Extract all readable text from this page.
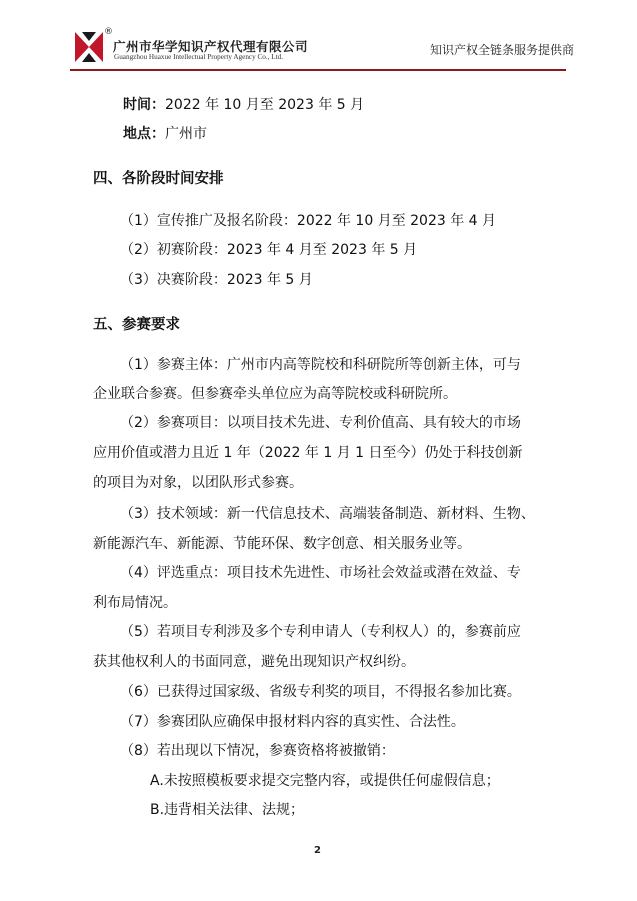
®
广州市华学知识产权代理有限公司
Guangzhou Huaxue Intellectual Property Agency Co., Ltd.	知识产权全链条服务提供商
时间：2022 年 10 月至 2023 年 5 月
地点：广州市
四、各阶段时间安排
（1）宣传推广及报名阶段：2022 年 10 月至 2023 年 4 月
（2）初赛阶段：2023 年 4 月至 2023 年 5 月
（3）决赛阶段：2023 年 5 月
五、参赛要求
（1）参赛主体：广州市内高等院校和科研院所等创新主体，可与
企业联合参赛。但参赛牵头单位应为高等院校或科研院所。
（2）参赛项目：以项目技术先进、专利价值高、具有较大的市场
应用价值或潜力且近 1 年（2022 年 1 月 1 日至今）仍处于科技创新
的项目为对象，以团队形式参赛。
（3）技术领域：新一代信息技术、高端装备制造、新材料、生物、
新能源汽车、新能源、节能环保、数字创意、相关服务业等。
（4）评选重点：项目技术先进性、市场社会效益或潜在效益、专
利布局情况。
（5）若项目专利涉及多个专利申请人（专利权人）的，参赛前应
获其他权利人的书面同意，避免出现知识产权纠纷。
（6）已获得过国家级、省级专利奖的项目，不得报名参加比赛。
（7）参赛团队应确保申报材料内容的真实性、合法性。
（8）若出现以下情况，参赛资格将被撤销：
A.未按照模板要求提交完整内容，或提供任何虚假信息；
B.违背相关法律、法规；
2
